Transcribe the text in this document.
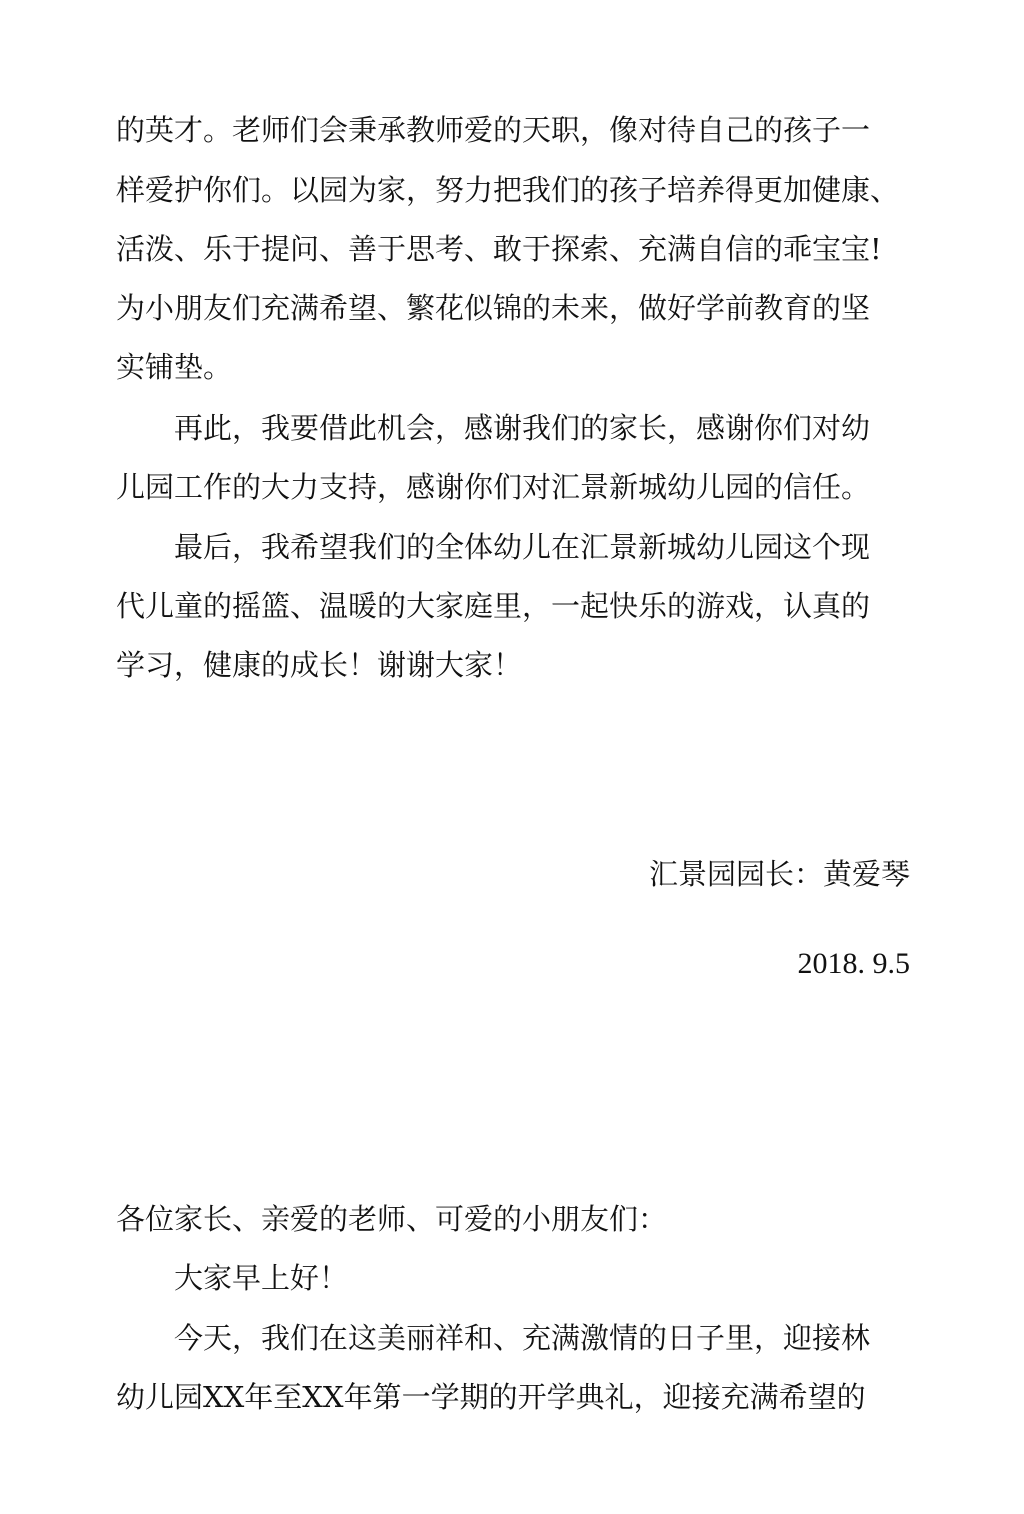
的英才。老师们会秉承教师爱的天职，像对待自己的孩子一
样爱护你们。以园为家，努力把我们的孩子培养得更加健康、
活泼、乐于提问、善于思考、敢于探索、充满自信的乖宝宝!
为小朋友们充满希望、繁花似锦的未来，做好学前教育的坚
实铺垫。
再此，我要借此机会，感谢我们的家长，感谢你们对幼
儿园工作的大力支持，感谢你们对汇景新城幼儿园的信任。
最后，我希望我们的全体幼儿在汇景新城幼儿园这个现
代儿童的摇篮、温暖的大家庭里，一起快乐的游戏，认真的
学习，健康的成长！谢谢大家！
汇景园园长：黄爱琴
2018. 9.5
各位家长、亲爱的老师、可爱的小朋友们：
大家早上好！
今天，我们在这美丽祥和、充满激情的日子里，迎接林
幼儿园XX年至XX年第一学期的开学典礼，迎接充满希望的
